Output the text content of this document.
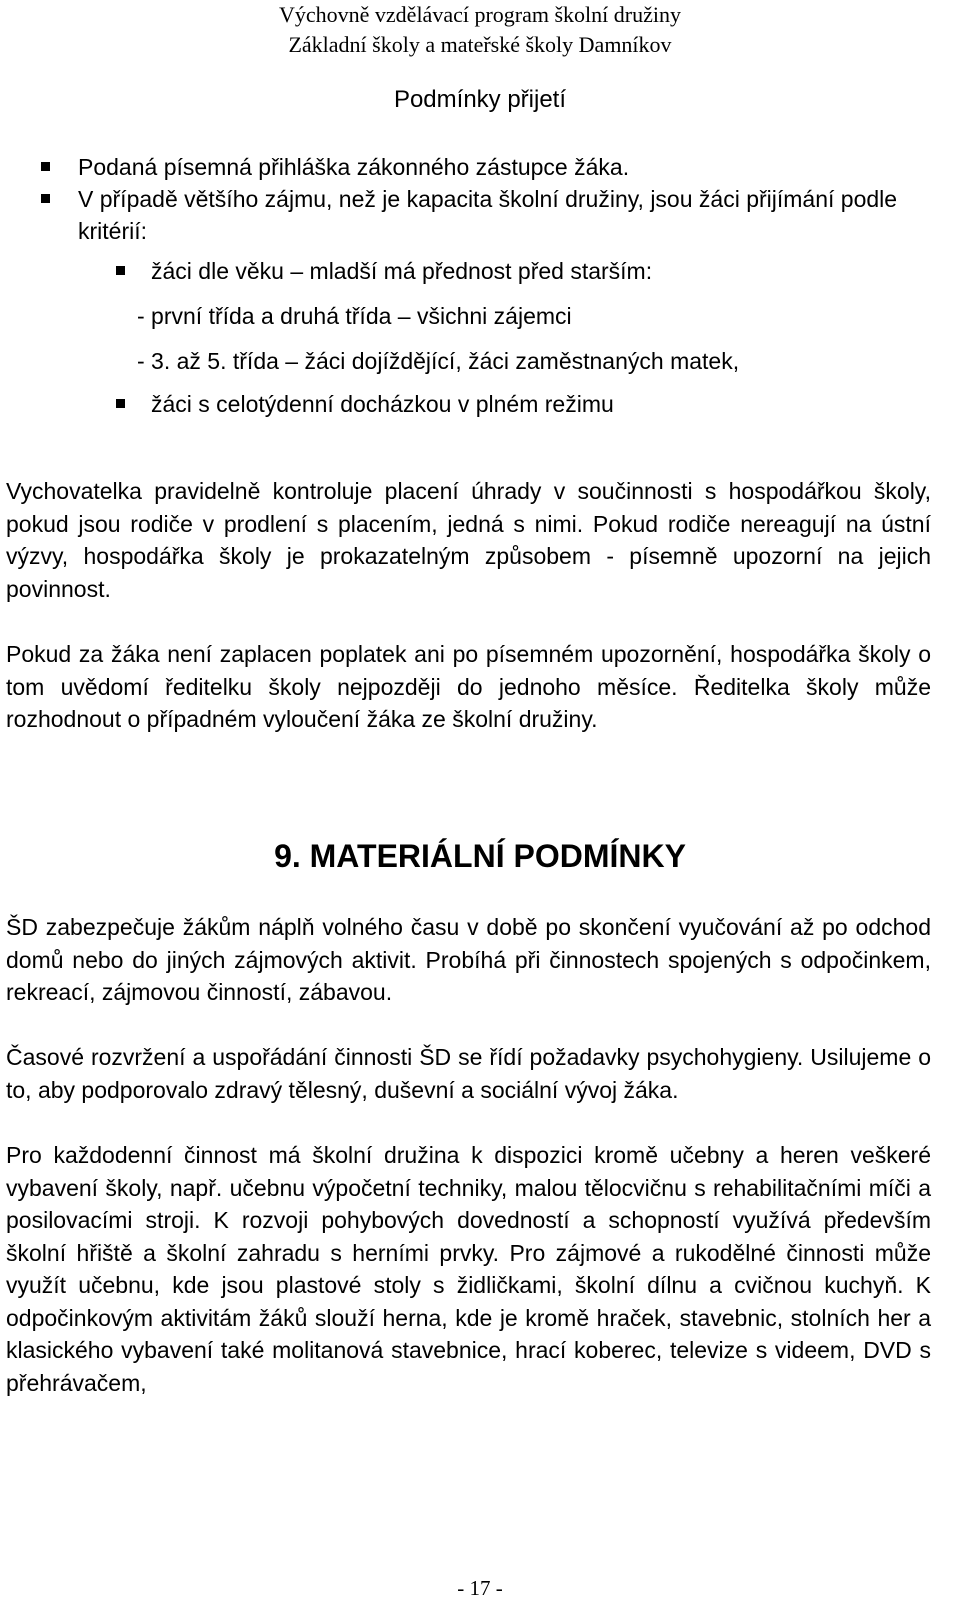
Výchovně vzdělávací program školní družiny
Základní školy a mateřské školy Damníkov
Podmínky přijetí
Podaná písemná přihláška zákonného zástupce žáka.
V případě většího zájmu, než je kapacita školní družiny, jsou žáci přijímání podle kritérií:
žáci dle věku – mladší má přednost před starším:
- první třída a druhá třída – všichni zájemci
- 3. až 5. třída – žáci dojíždějící, žáci zaměstnaných matek,
žáci s celotýdenní docházkou v plném režimu

Vychovatelka pravidelně kontroluje placení úhrady v součinnosti s hospodářkou školy, pokud jsou rodiče v prodlení s placením, jedná s nimi. Pokud rodiče nereagují na ústní výzvy, hospodářka školy je prokazatelným způsobem - písemně upozorní na jejich povinnost.

Pokud za žáka není zaplacen poplatek ani po písemném upozornění, hospodářka školy o tom uvědomí ředitelku školy nejpozději do jednoho měsíce. Ředitelka školy může rozhodnout o případném vyloučení žáka ze školní družiny.

9. MATERIÁLNÍ PODMÍNKY

ŠD zabezpečuje žákům náplň volného času v době po skončení vyučování až po odchod domů nebo do jiných zájmových aktivit. Probíhá při činnostech spojených s odpočinkem, rekreací, zájmovou činností, zábavou.

Časové rozvržení a uspořádání činnosti ŠD se řídí požadavky psychohygieny. Usilujeme o to, aby podporovalo zdravý tělesný, duševní a sociální vývoj žáka.

Pro každodenní činnost má školní družina k dispozici kromě učebny a heren veškeré vybavení školy, např. učebnu výpočetní techniky, malou tělocvičnu s rehabilitačními míči a posilovacími stroji. K rozvoji pohybových dovedností a schopností využívá především školní hřiště a školní zahradu s herními prvky. Pro zájmové a rukodělné činnosti může využít učebnu, kde jsou plastové stoly s židličkami, školní dílnu a cvičnou kuchyň. K odpočinkovým aktivitám žáků slouží herna, kde je kromě hraček, stavebnic, stolních her a klasického vybavení také molitanová stavebnice, hrací koberec, televize s videem, DVD s přehrávačem,

- 17 -
